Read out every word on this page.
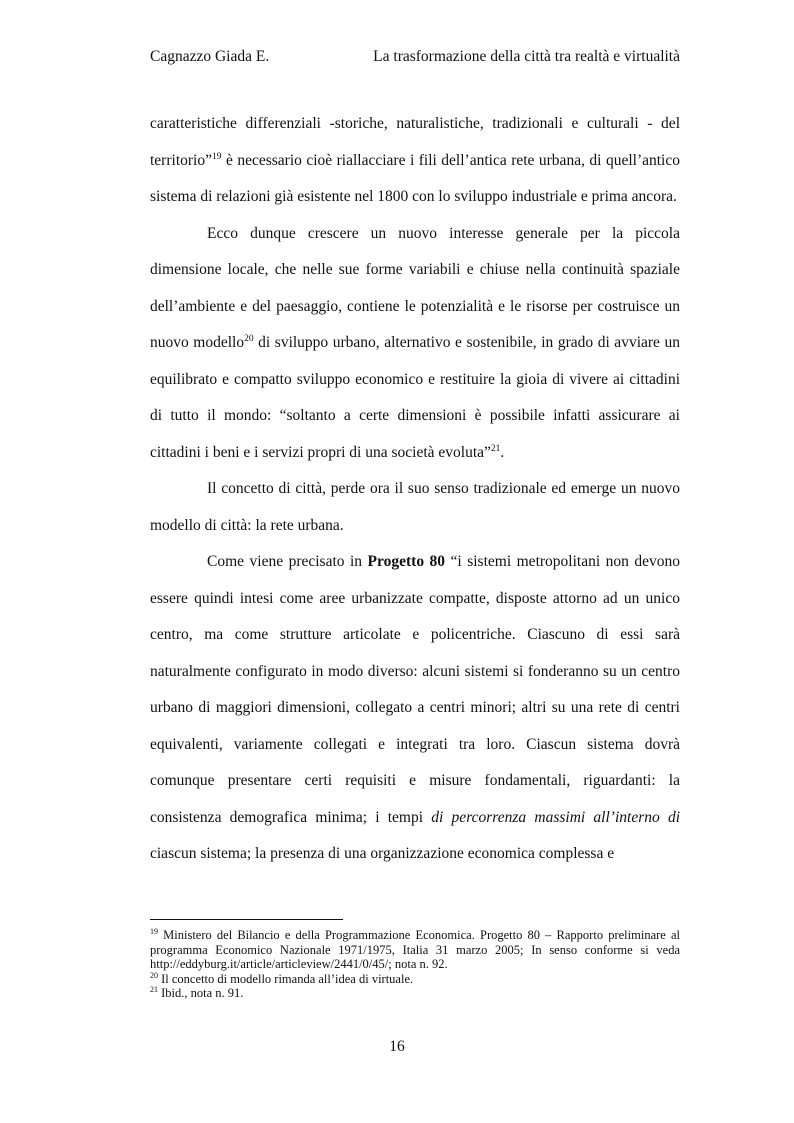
Cagnazzo Giada E.	La trasformazione della città tra realtà e virtualità

caratteristiche differenziali -storiche, naturalistiche, tradizionali e culturali - del territorio”$^{19}$ è necessario cioè riallacciare i fili dell’antica rete urbana, di quell’antico sistema di relazioni già esistente nel 1800 con lo sviluppo industriale e prima ancora.

Ecco dunque crescere un nuovo interesse generale per la piccola dimensione locale, che nelle sue forme variabili e chiuse nella continuità spaziale dell’ambiente e del paesaggio, contiene le potenzialità e le risorse per costruisce un nuovo modello$^{20}$ di sviluppo urbano, alternativo e sostenibile, in grado di avviare un equilibrato e compatto sviluppo economico e restituire la gioia di vivere ai cittadini di tutto il mondo: “soltanto a certe dimensioni è possibile infatti assicurare ai cittadini i beni e i servizi propri di una società evoluta”$^{21}$.

Il concetto di città, perde ora il suo senso tradizionale ed emerge un nuovo modello di città: la rete urbana.

Come viene precisato in Progetto 80 “i sistemi metropolitani non devono essere quindi intesi come aree urbanizzate compatte, disposte attorno ad un unico centro, ma come strutture articolate e policentriche. Ciascuno di essi sarà naturalmente configurato in modo diverso: alcuni sistemi si fonderanno su un centro urbano di maggiori dimensioni, collegato a centri minori; altri su una rete di centri equivalenti, variamente collegati e integrati tra loro. Ciascun sistema dovrà comunque presentare certi requisiti e misure fondamentali, riguardanti: la consistenza demografica minima; i tempi di percorrenza massimi all’interno di ciascun sistema; la presenza di una organizzazione economica complessa e

$^{19}$ Ministero del Bilancio e della Programmazione Economica. Progetto 80 – Rapporto preliminare al programma Economico Nazionale 1971/1975, Italia 31 marzo 2005; In senso conforme si veda http://eddyburg.it/article/articleview/2441/0/45/; nota n. 92.

$^{20}$ Il concetto di modello rimanda all’idea di virtuale.

$^{21}$ Ibid., nota n. 91.

16
